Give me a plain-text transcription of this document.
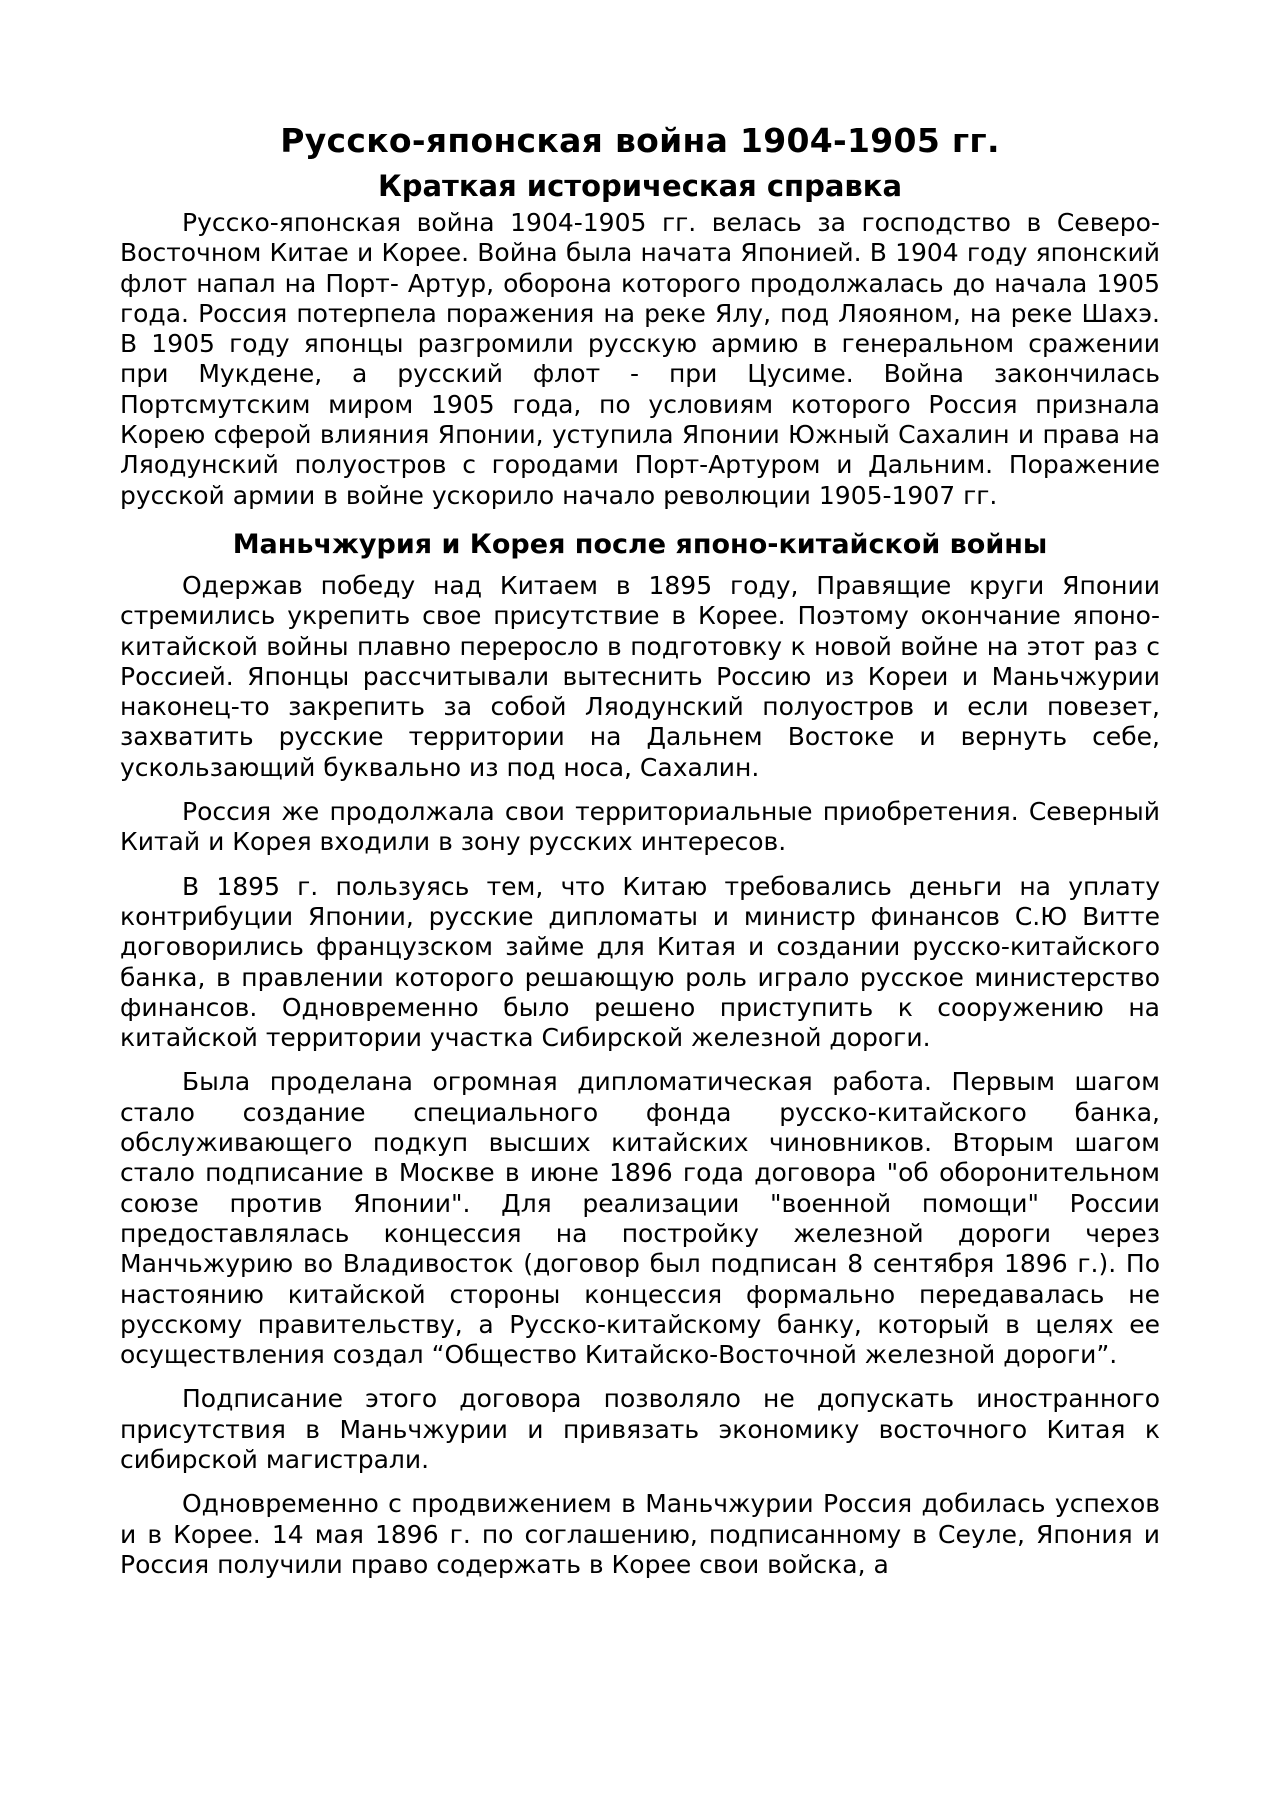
Русско-японская война 1904-1905 гг.
Краткая историческая справка

Русско-японская война 1904-1905 гг. велась за господство в Северо-Восточном Китае и Корее. Война была начата Японией. В 1904 году японский флот напал на Порт- Артур, оборона которого продолжалась до начала 1905 года. Россия потерпела поражения на реке Ялу, под Ляояном, на реке Шахэ. В 1905 году японцы разгромили русскую армию в генеральном сражении при Мукдене, а русский флот - при Цусиме. Война закончилась Портсмутским миром 1905 года, по условиям которого Россия признала Корею сферой влияния Японии, уступила Японии Южный Сахалин и права на Ляодунский полуостров с городами Порт-Артуром и Дальним. Поражение русской армии в войне ускорило начало революции 1905-1907 гг.

Маньчжурия и Корея после японо-китайской войны

Одержав победу над Китаем в 1895 году, Правящие круги Японии стремились укрепить свое присутствие в Корее. Поэтому окончание японо-китайской войны плавно переросло в подготовку к новой войне на этот раз с Россией. Японцы рассчитывали вытеснить Россию из Кореи и Маньчжурии наконец-то закрепить за собой Ляодунский полуостров и если повезет, захватить русские территории на Дальнем Востоке и вернуть себе, ускользающий буквально из под носа, Сахалин.

Россия же продолжала свои территориальные приобретения. Северный Китай и Корея входили в зону русских интересов.

В 1895 г. пользуясь тем, что Китаю требовались деньги на уплату контрибуции Японии, русские дипломаты и министр финансов С.Ю Витте договорились французском займе для Китая и создании русско-китайского банка, в правлении которого решающую роль играло русское министерство финансов. Одновременно было решено приступить к сооружению на китайской территории участка Сибирской железной дороги.

Была проделана огромная дипломатическая работа. Первым шагом стало создание специального фонда русско-китайского банка, обслуживающего подкуп высших китайских чиновников. Вторым шагом стало подписание в Москве в июне 1896 года договора "об оборонительном союзе против Японии". Для реализации "военной помощи" России предоставлялась концессия на постройку железной дороги через Манчьжурию во Владивосток (договор был подписан 8 сентября 1896 г.). По настоянию китайской стороны концессия формально передавалась не русскому правительству, а Русско-китайскому банку, который в целях ее осуществления создал “Общество Китайско-Восточной железной дороги”.

Подписание этого договора позволяло не допускать иностранного присутствия в Маньчжурии и привязать экономику восточного Китая к сибирской магистрали.

Одновременно с продвижением в Маньчжурии Россия добилась успехов и в Корее. 14 мая 1896 г. по соглашению, подписанному в Сеуле, Япония и Россия получили право содержать в Корее свои войска, а
